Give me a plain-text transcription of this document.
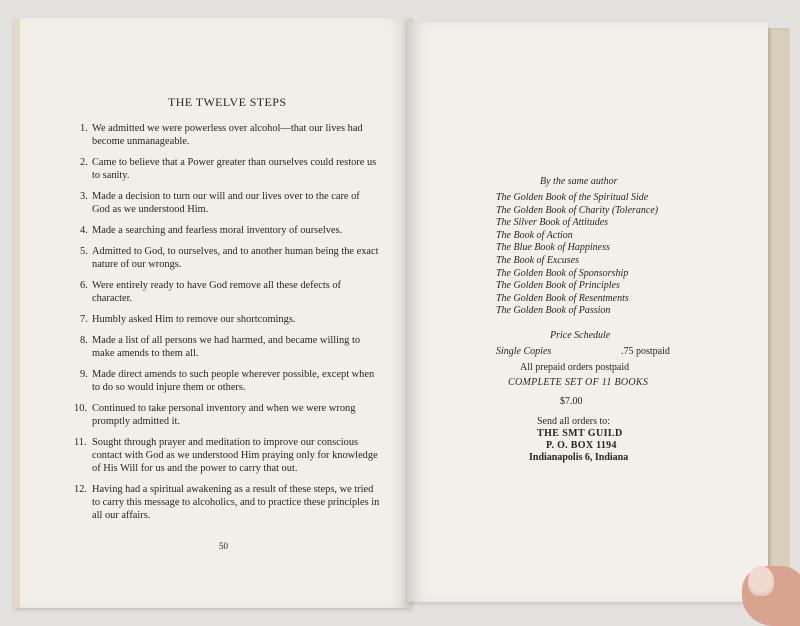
THE TWELVE STEPS
1. We admitted we were powerless over alcohol—that our lives had become unmanageable.
2. Came to believe that a Power greater than ourselves could restore us to sanity.
3. Made a decision to turn our will and our lives over to the care of God as we understood Him.
4. Made a searching and fearless moral inventory of ourselves.
5. Admitted to God, to ourselves, and to another human being the exact nature of our wrongs.
6. Were entirely ready to have God remove all these defects of character.
7. Humbly asked Him to remove our shortcomings.
8. Made a list of all persons we had harmed, and became willing to make amends to them all.
9. Made direct amends to such people wherever possible, except when to do so would injure them or others.
10. Continued to take personal inventory and when we were wrong promptly admitted it.
11. Sought through prayer and meditation to improve our conscious contact with God as we understood Him praying only for knowledge of His Will for us and the power to carry that out.
12. Having had a spiritual awakening as a result of these steps, we tried to carry this message to alcoholics, and to practice these principles in all our affairs.
50
By the same author
The Golden Book of the Spiritual Side
The Golden Book of Charity (Tolerance)
The Silver Book of Attitudes
The Book of Action
The Blue Book of Happiness
The Book of Excuses
The Golden Book of Sponsorship
The Golden Book of Principles
The Golden Book of Resentments
The Golden Book of Passion
Price Schedule
Single Copies	.75 postpaid
All prepaid orders postpaid
COMPLETE SET OF 11 BOOKS
$7.00
Send all orders to:
THE SMT GUILD
P. O. BOX 1194
Indianapolis 6, Indiana
